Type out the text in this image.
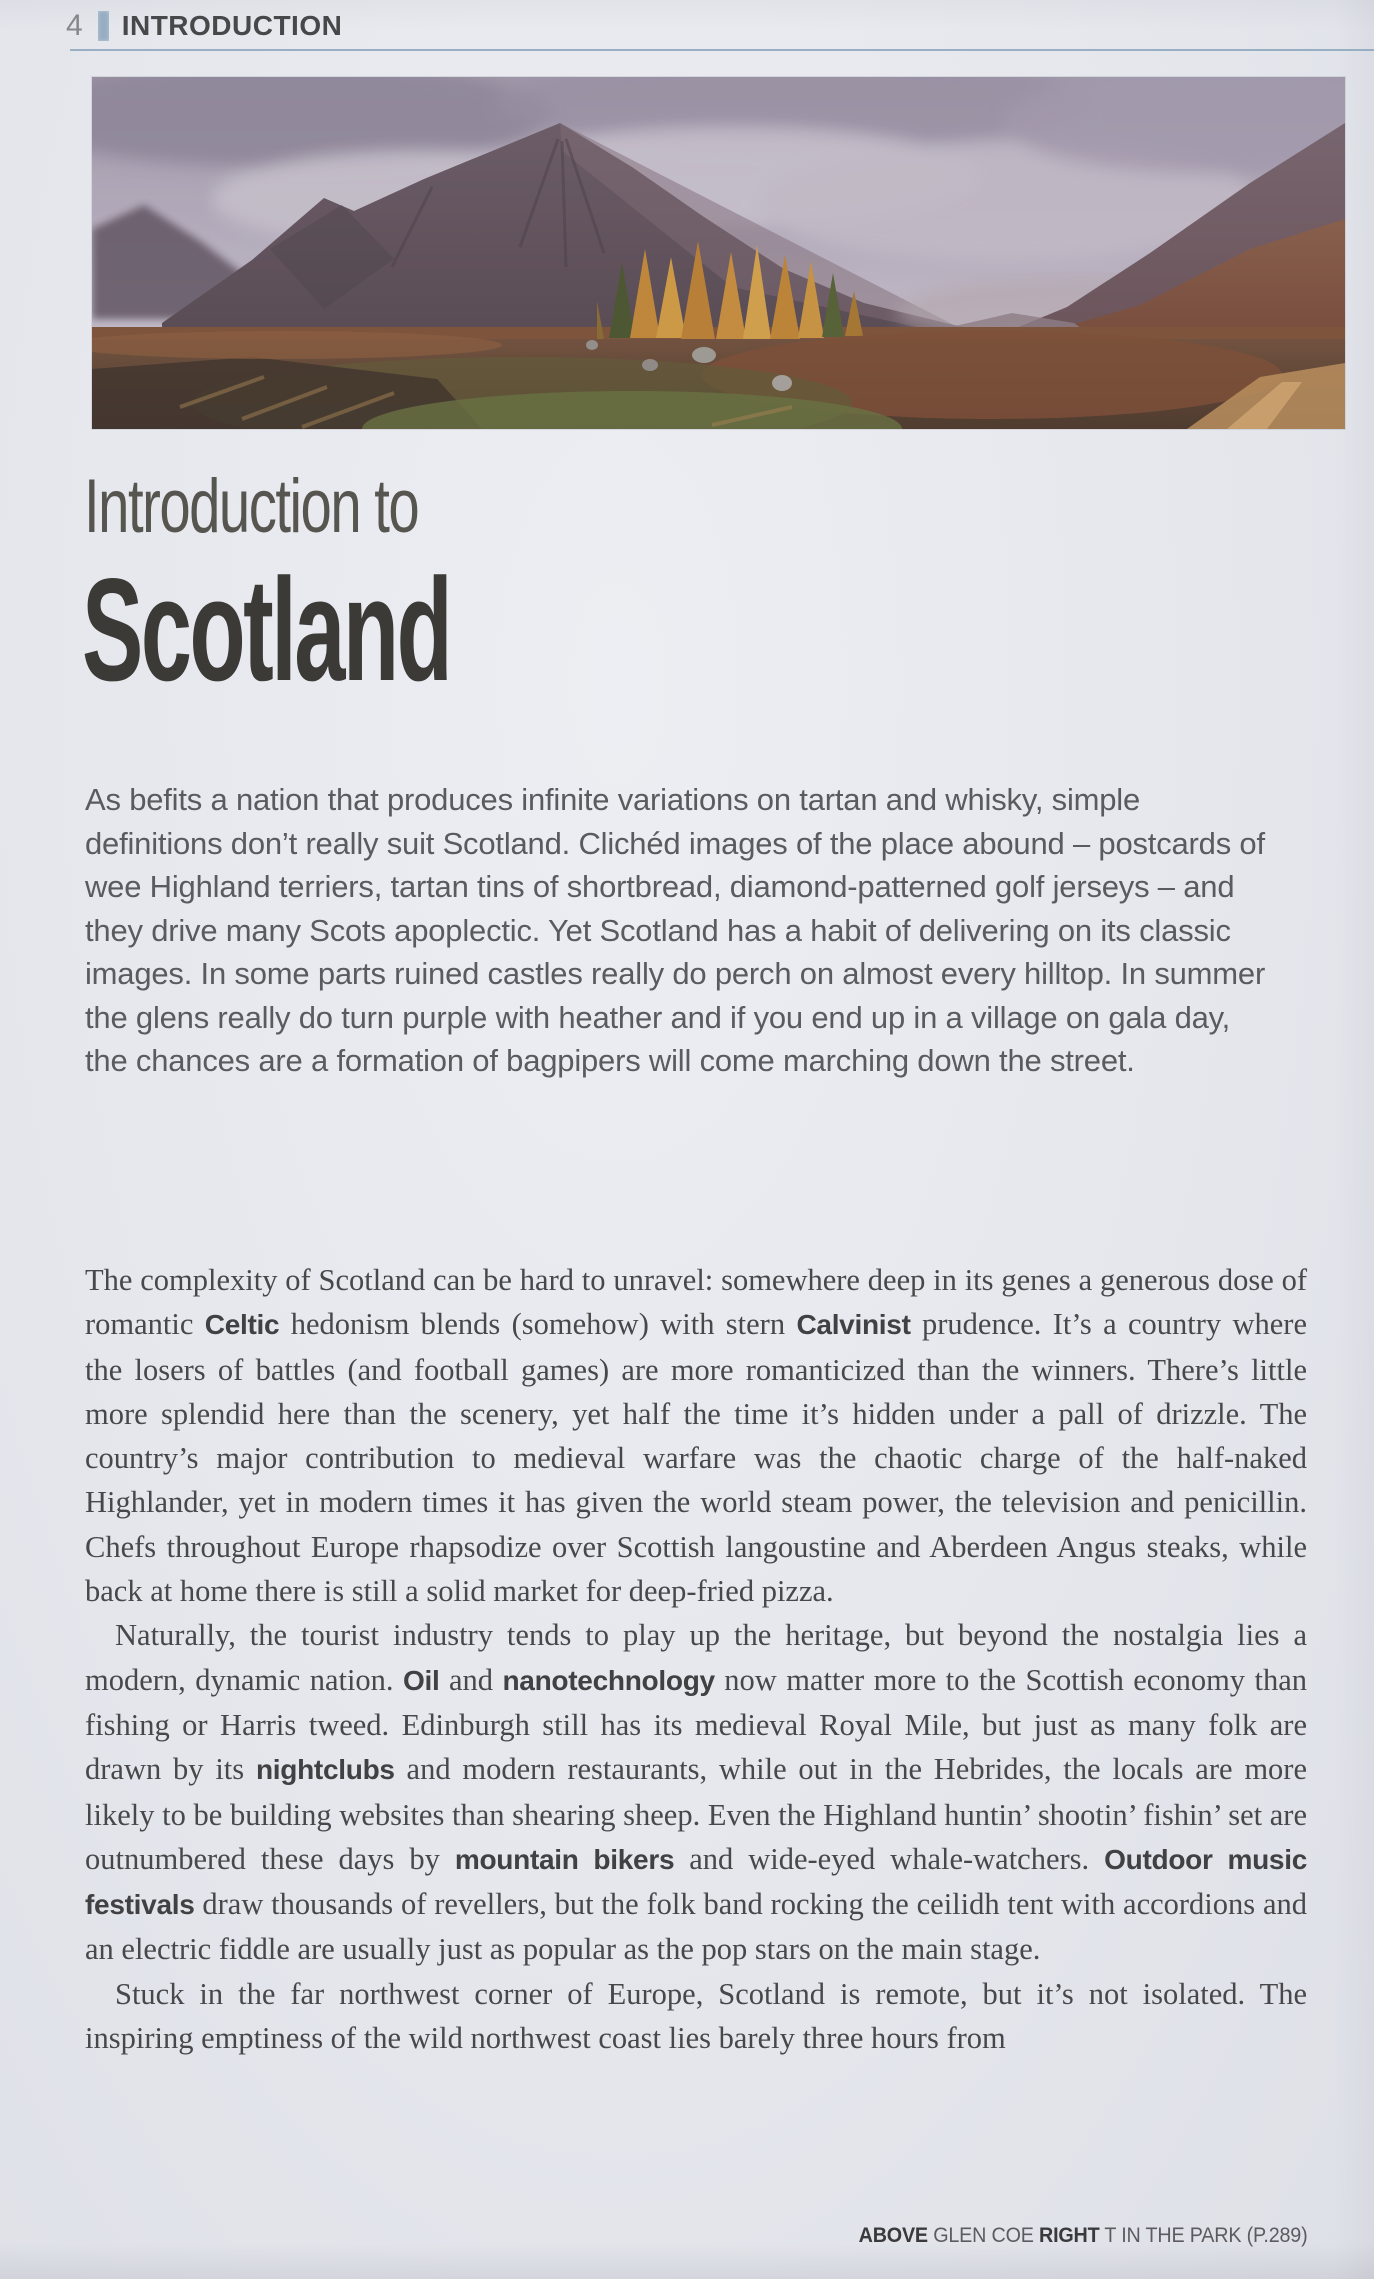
4 INTRODUCTION
Introduction to
Scotland
As befits a nation that produces infinite variations on tartan and whisky, simple definitions don’t really suit Scotland. Clichéd images of the place abound – postcards of wee Highland terriers, tartan tins of shortbread, diamond-patterned golf jerseys – and they drive many Scots apoplectic. Yet Scotland has a habit of delivering on its classic images. In some parts ruined castles really do perch on almost every hilltop. In summer the glens really do turn purple with heather and if you end up in a village on gala day, the chances are a formation of bagpipers will come marching down the street.

The complexity of Scotland can be hard to unravel: somewhere deep in its genes a generous dose of romantic Celtic hedonism blends (somehow) with stern Calvinist prudence. It’s a country where the losers of battles (and football games) are more romanticized than the winners. There’s little more splendid here than the scenery, yet half the time it’s hidden under a pall of drizzle. The country’s major contribution to medieval warfare was the chaotic charge of the half-naked Highlander, yet in modern times it has given the world steam power, the television and penicillin. Chefs throughout Europe rhapsodize over Scottish langoustine and Aberdeen Angus steaks, while back at home there is still a solid market for deep-fried pizza.

Naturally, the tourist industry tends to play up the heritage, but beyond the nostalgia lies a modern, dynamic nation. Oil and nanotechnology now matter more to the Scottish economy than fishing or Harris tweed. Edinburgh still has its medieval Royal Mile, but just as many folk are drawn by its nightclubs and modern restaurants, while out in the Hebrides, the locals are more likely to be building websites than shearing sheep. Even the Highland huntin’ shootin’ fishin’ set are outnumbered these days by mountain bikers and wide-eyed whale-watchers. Outdoor music festivals draw thousands of revellers, but the folk band rocking the ceilidh tent with accordions and an electric fiddle are usually just as popular as the pop stars on the main stage.

Stuck in the far northwest corner of Europe, Scotland is remote, but it’s not isolated. The inspiring emptiness of the wild northwest coast lies barely three hours from

ABOVE GLEN COE RIGHT T IN THE PARK (P.289)
